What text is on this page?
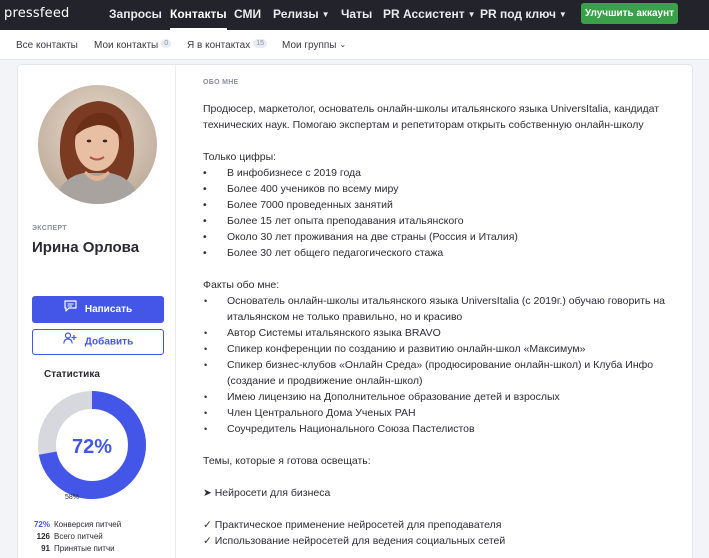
pressfeed	Запросы Контакты СМИ Релизы ▼ Чаты PR Ассистент ▼ PR под ключ ▼	Улучшить аккаунт
Все контакты Мои контакты 0	Я в контактах 15	Мои группы ⌄
ЭКСПЕРТ
Ирина Орлова
Написать
Добавить
Статистика
72%
58%
72% Конверсия питчей
126 Всего питчей
91 Принятые питчи
ОБО МНЕ
Продюсер, маркетолог, основатель онлайн-школы итальянского языка UniversItalia, кандидат технических наук. Помогаю экспертам и репетиторам открыть собственную онлайн-школу
Только цифры:
• В инфобизнесе с 2019 года
• Более 400 учеников по всему миру
• Более 7000 проведенных занятий
• Более 15 лет опыта преподавания итальянского
• Около 30 лет проживания на две страны (Россия и Италия)
• Более 30 лет общего педагогического стажа
Факты обо мне:
• Основатель онлайн-школы итальянского языка UniversItalia (с 2019г.) обучаю говорить на итальянском не только правильно, но и красиво
• Автор Системы итальянского языка BRAVO
• Спикер конференции по созданию и развитию онлайн-школ «Максимум»
• Спикер бизнес-клубов «Онлайн Среда» (продюсирование онлайн-школ) и Клуба Инфо (создание и продвижение онлайн-школ)
• Имею лицензию на Дополнительное образование детей и взрослых
• Член Центрального Дома Ученых РАН
• Соучредитель Национального Союза Пастелистов
Темы, которые я готова освещать:
➤ Нейросети для бизнеса
✓ Практическое применение нейросетей для преподавателя
✓ Использование нейросетей для ведения социальных сетей
